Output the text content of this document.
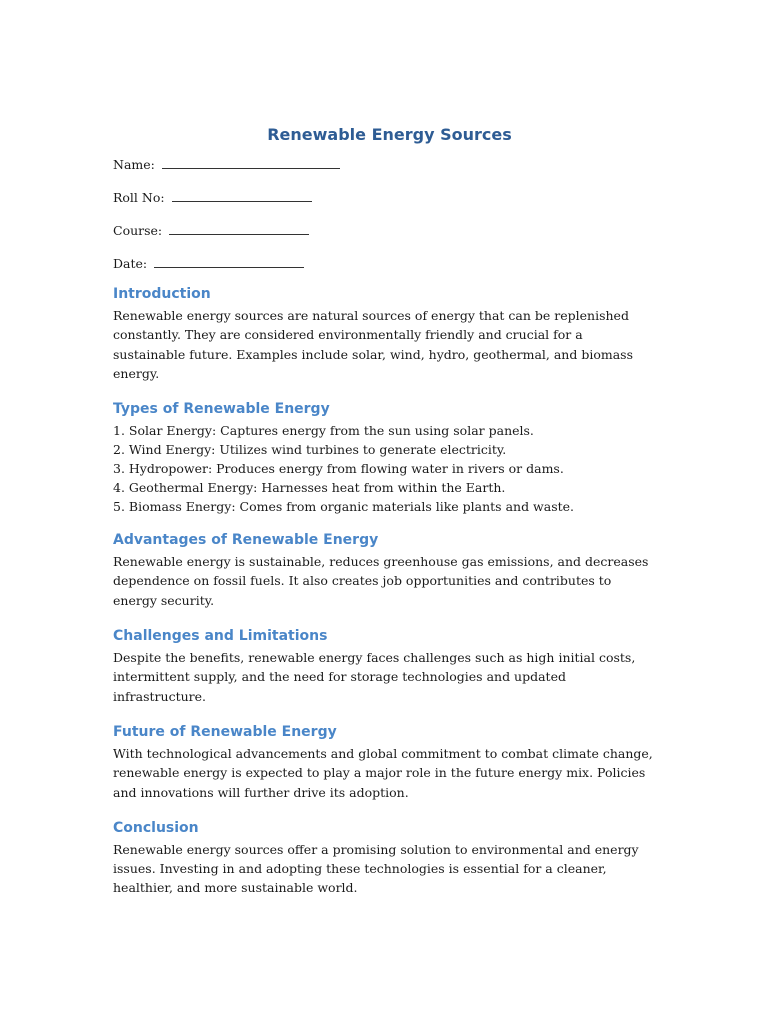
Renewable Energy Sources
Name:
Roll No:
Course:
Date:
Introduction

Renewable energy sources are natural sources of energy that can be replenished constantly. They are considered environmentally friendly and crucial for a sustainable future. Examples include solar, wind, hydro, geothermal, and biomass energy.

Types of Renewable Energy

1. Solar Energy: Captures energy from the sun using solar panels.

2. Wind Energy: Utilizes wind turbines to generate electricity.

3. Hydropower: Produces energy from flowing water in rivers or dams.

4. Geothermal Energy: Harnesses heat from within the Earth.

5. Biomass Energy: Comes from organic materials like plants and waste.

Advantages of Renewable Energy

Renewable energy is sustainable, reduces greenhouse gas emissions, and decreases dependence on fossil fuels. It also creates job opportunities and contributes to energy security.

Challenges and Limitations

Despite the benefits, renewable energy faces challenges such as high initial costs, intermittent supply, and the need for storage technologies and updated infrastructure.

Future of Renewable Energy

With technological advancements and global commitment to combat climate change, renewable energy is expected to play a major role in the future energy mix. Policies and innovations will further drive its adoption.

Conclusion

Renewable energy sources offer a promising solution to environmental and energy issues. Investing in and adopting these technologies is essential for a cleaner, healthier, and more sustainable world.
